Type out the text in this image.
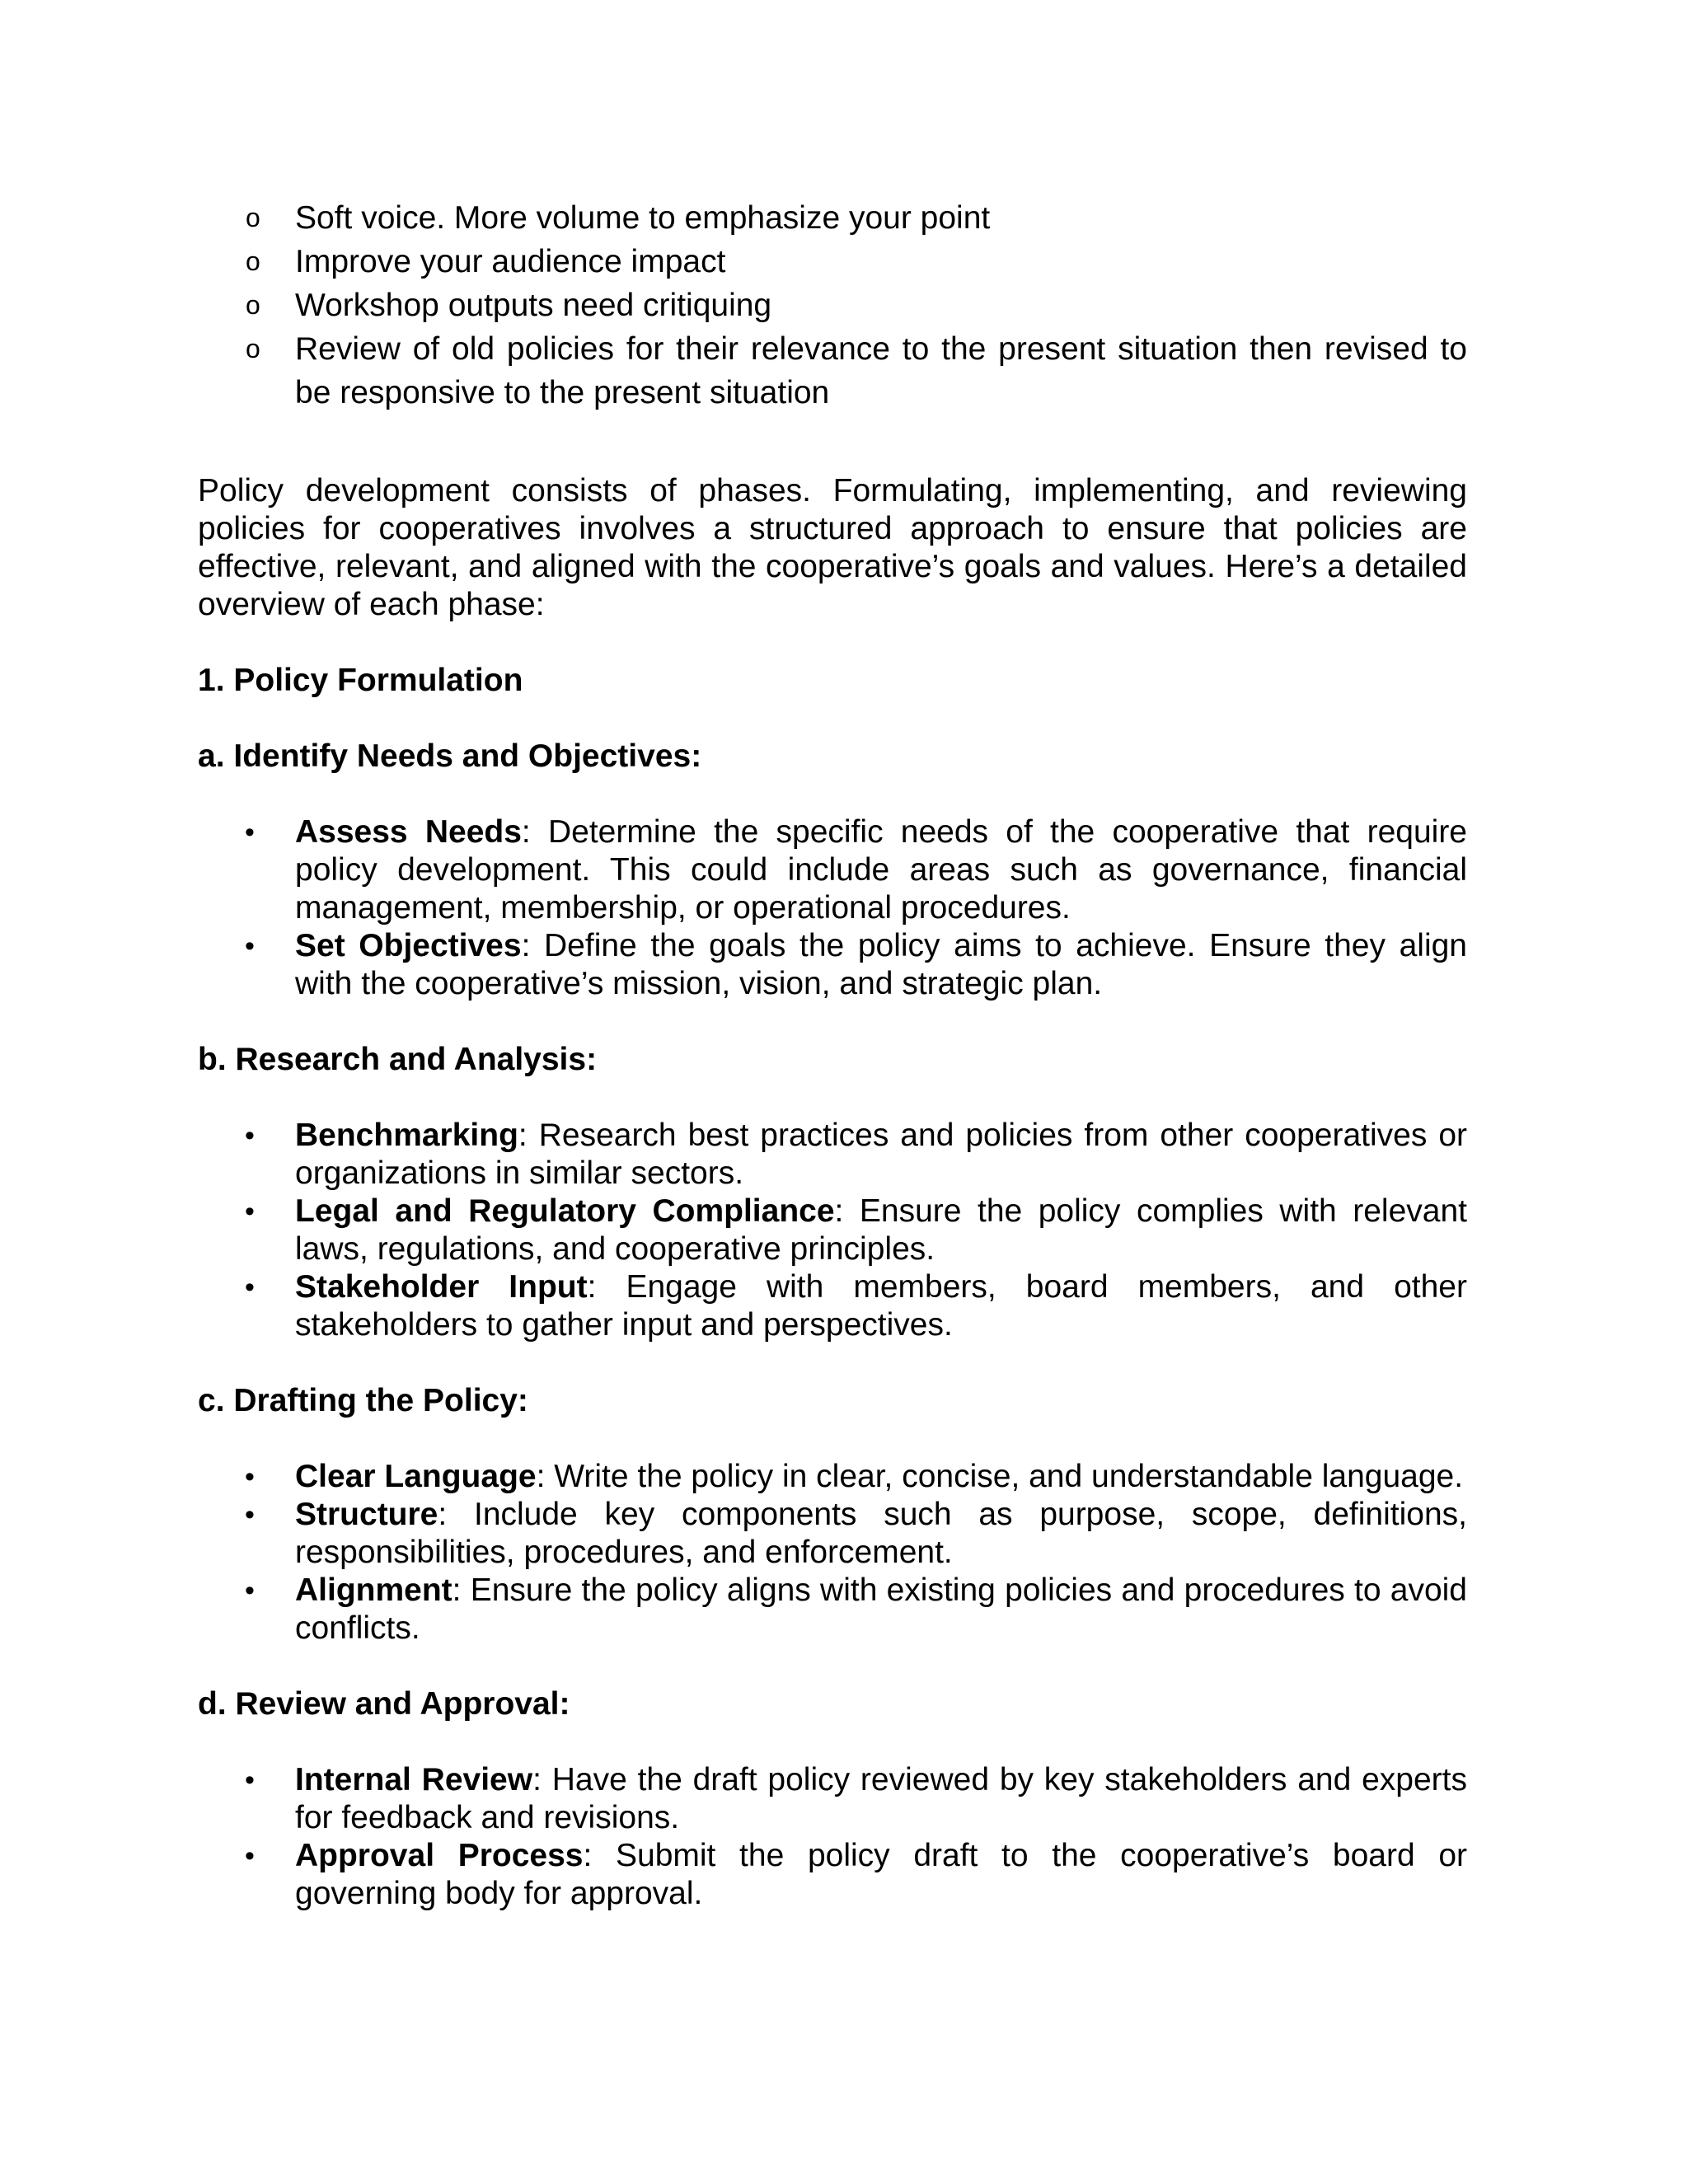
o Soft voice. More volume to emphasize your point
o Improve your audience impact
o Workshop outputs need critiquing
o Review of old policies for their relevance to the present situation then revised to be responsive to the present situation

Policy development consists of phases. Formulating, implementing, and reviewing policies for cooperatives involves a structured approach to ensure that policies are effective, relevant, and aligned with the cooperative’s goals and values. Here’s a detailed overview of each phase:

1. Policy Formulation
a. Identify Needs and Objectives:
• Assess Needs: Determine the specific needs of the cooperative that require policy development. This could include areas such as governance, financial management, membership, or operational procedures.
• Set Objectives: Define the goals the policy aims to achieve. Ensure they align with the cooperative’s mission, vision, and strategic plan.
b. Research and Analysis:
• Benchmarking: Research best practices and policies from other cooperatives or organizations in similar sectors.
• Legal and Regulatory Compliance: Ensure the policy complies with relevant laws, regulations, and cooperative principles.
• Stakeholder Input: Engage with members, board members, and other stakeholders to gather input and perspectives.
c. Drafting the Policy:
• Clear Language: Write the policy in clear, concise, and understandable language.
• Structure: Include key components such as purpose, scope, definitions, responsibilities, procedures, and enforcement.
• Alignment: Ensure the policy aligns with existing policies and procedures to avoid conflicts.
d. Review and Approval:
• Internal Review: Have the draft policy reviewed by key stakeholders and experts for feedback and revisions.
• Approval Process: Submit the policy draft to the cooperative’s board or governing body for approval.
